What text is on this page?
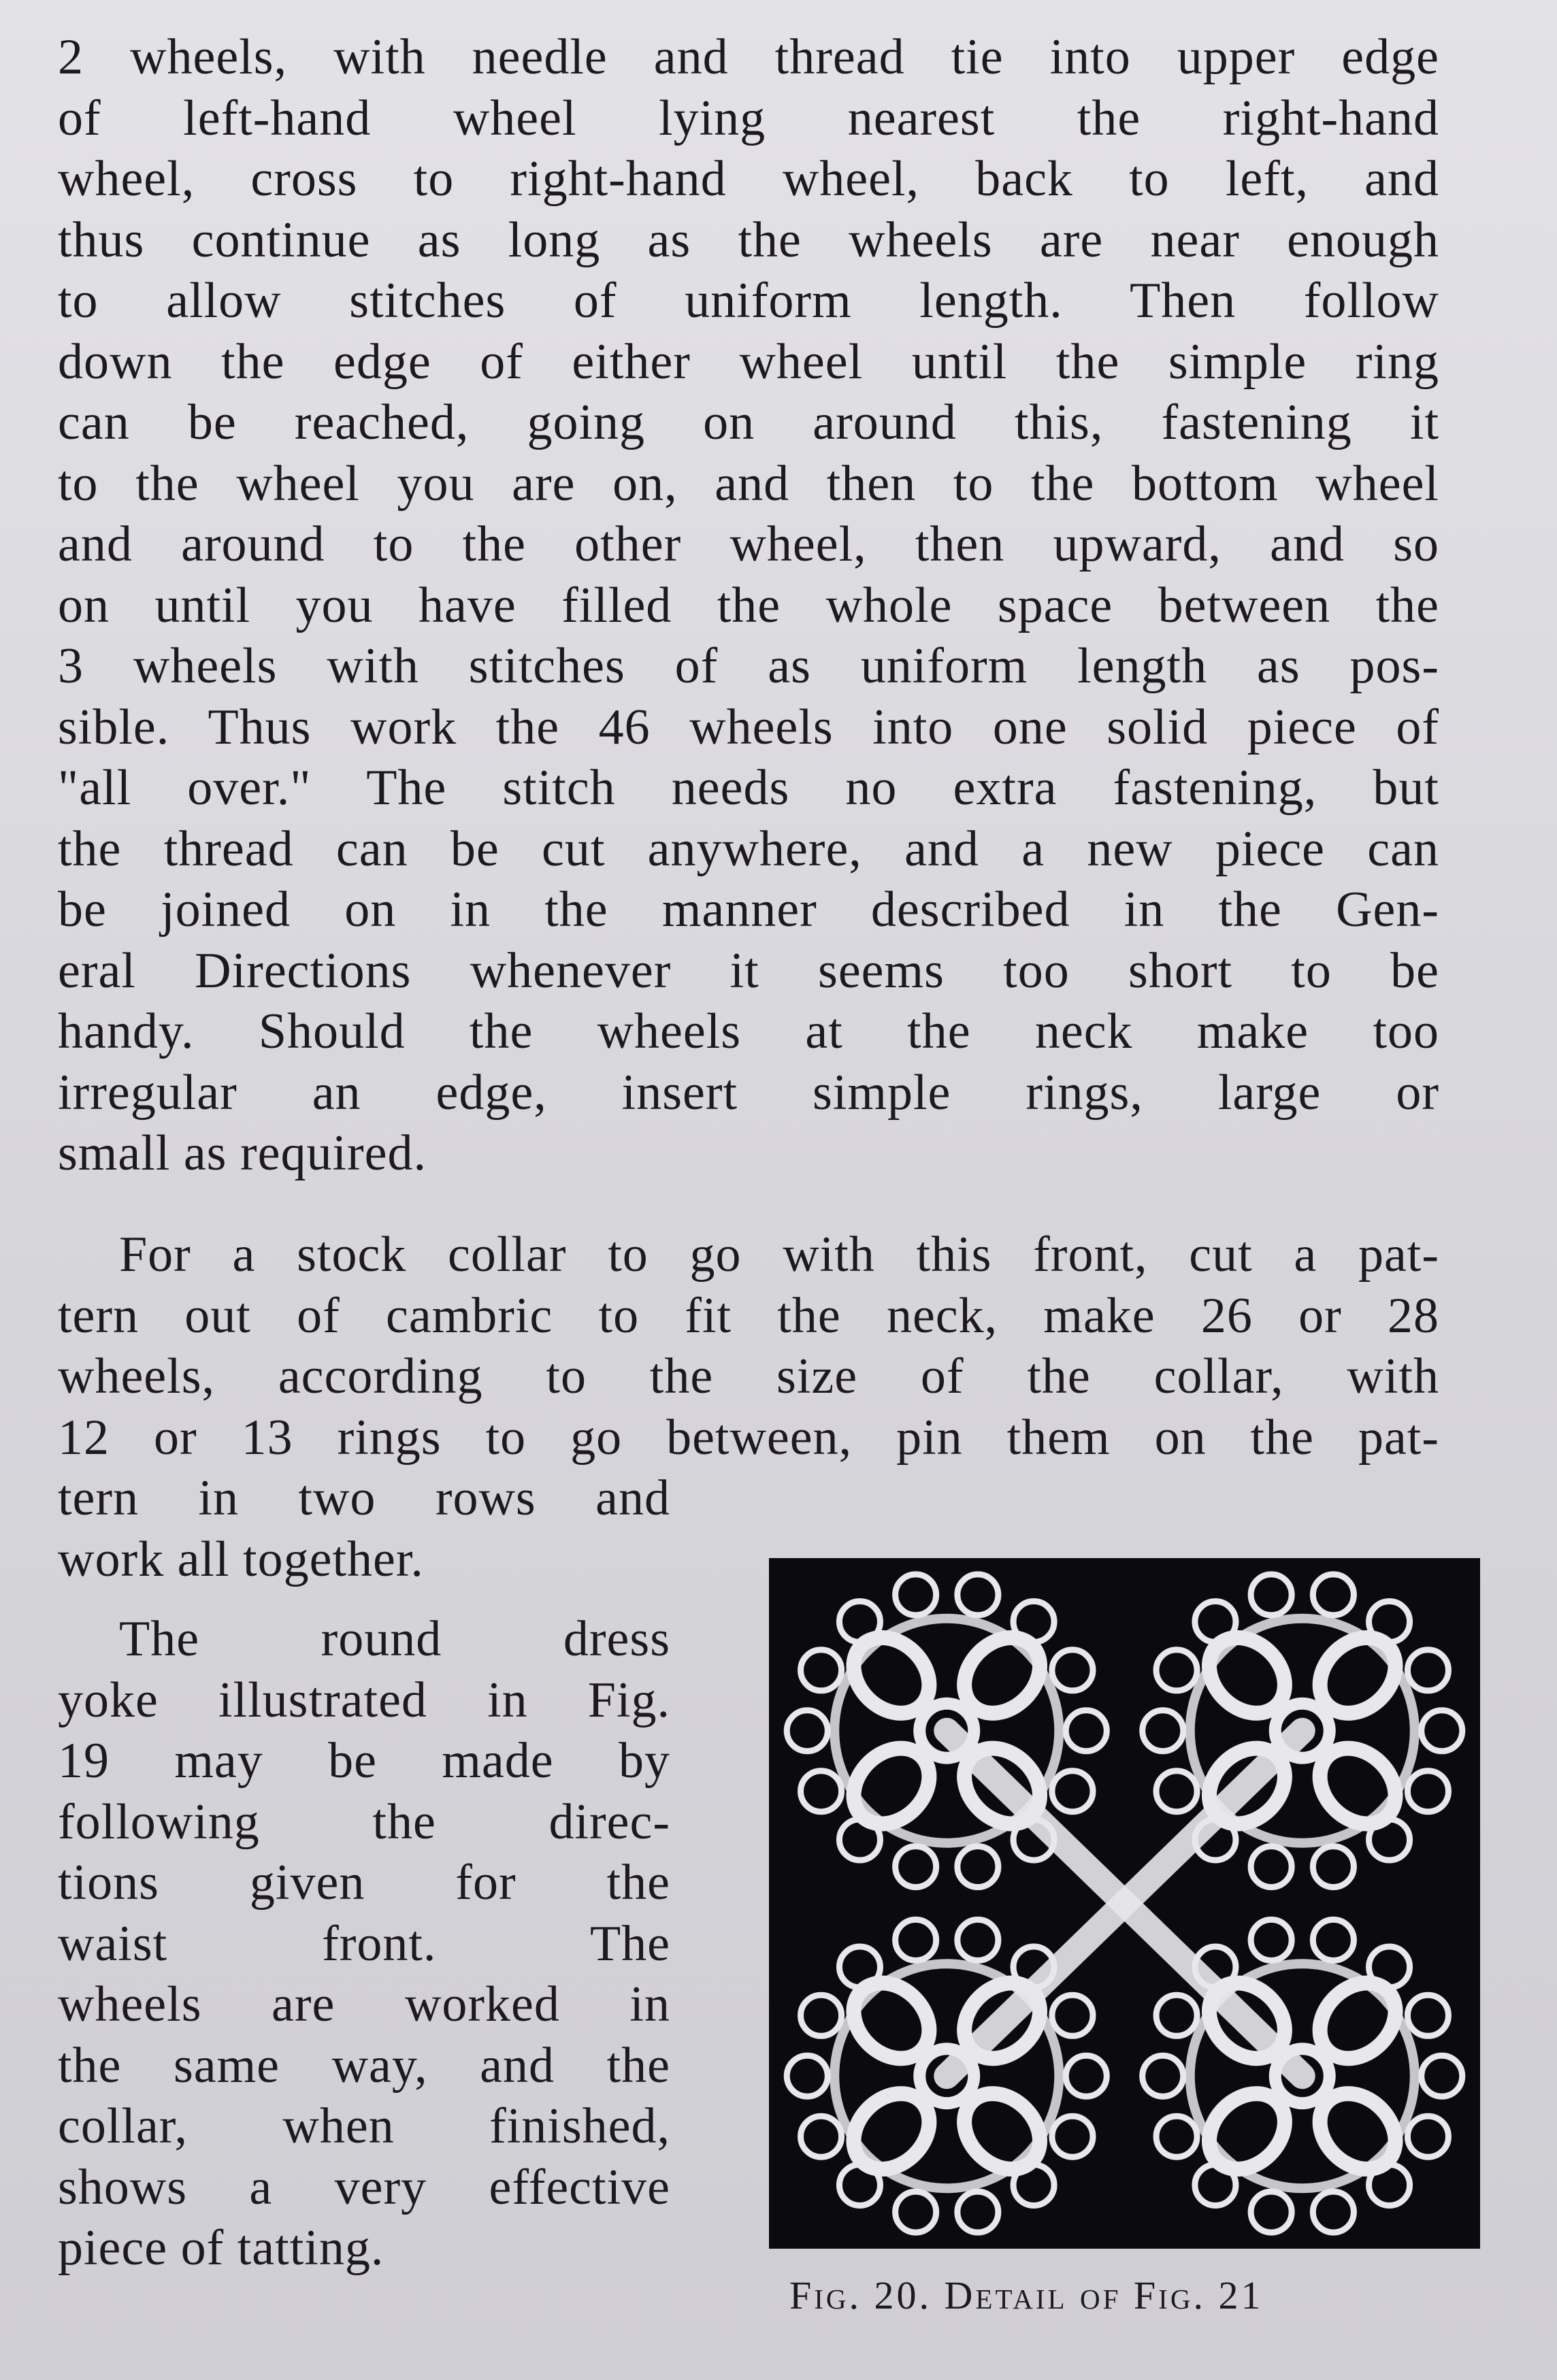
2 wheels, with needle and thread tie into upper edge
of left-hand wheel lying nearest the right-hand
wheel, cross to right-hand wheel, back to left, and
thus continue as long as the wheels are near enough
to allow stitches of uniform length. Then follow
down the edge of either wheel until the simple ring
can be reached, going on around this, fastening it
to the wheel you are on, and then to the bottom wheel
and around to the other wheel, then upward, and so
on until you have filled the whole space between the
3 wheels with stitches of as uniform length as pos-
sible. Thus work the 46 wheels into one solid piece of
"all over." The stitch needs no extra fastening, but
the thread can be cut anywhere, and a new piece can
be joined on in the manner described in the Gen-
eral Directions whenever it seems too short to be
handy. Should the wheels at the neck make too
irregular an edge, insert simple rings, large or
small as required.
For a stock collar to go with this front, cut a pat-
tern out of cambric to fit the neck, make 26 or 28
wheels, according to the size of the collar, with
12 or 13 rings to go between, pin them on the pat-
tern in two rows and
work all together.
The round dress
yoke illustrated in Fig.
19 may be made by
following the direc-
tions given for the
waist front. The
wheels are worked in
the same way, and the
collar, when finished,
shows a very effective
piece of tatting.
Fig. 20. Detail of Fig. 21
